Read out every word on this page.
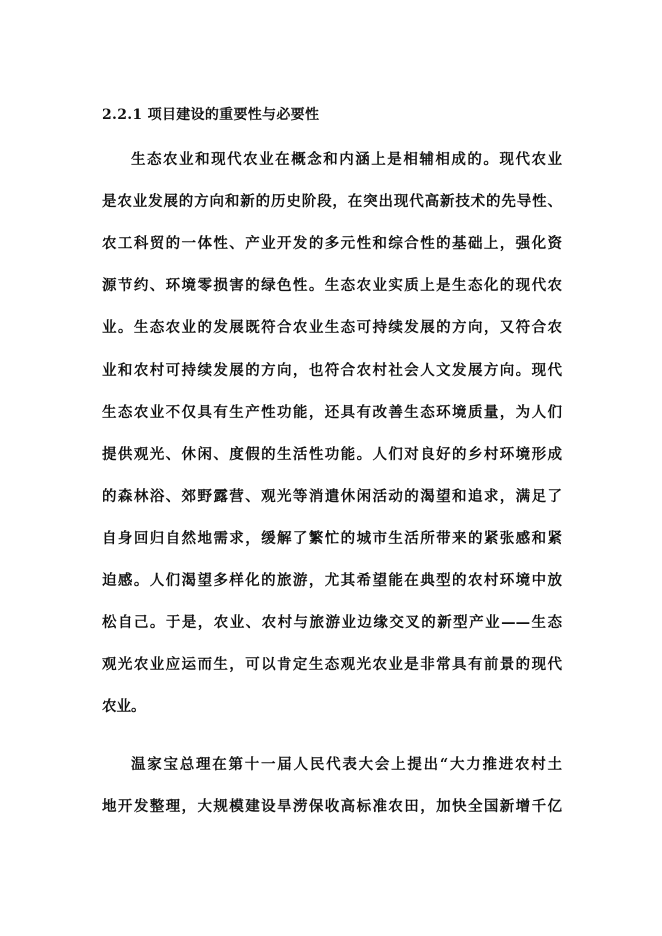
2.2.1 项目建设的重要性与必要性
生态农业和现代农业在概念和内涵上是相辅相成的。现代农业
是农业发展的方向和新的历史阶段，在突出现代高新技术的先导性、
农工科贸的一体性、产业开发的多元性和综合性的基础上，强化资
源节约、环境零损害的绿色性。生态农业实质上是生态化的现代农
业。生态农业的发展既符合农业生态可持续发展的方向，又符合农
业和农村可持续发展的方向，也符合农村社会人文发展方向。现代
生态农业不仅具有生产性功能，还具有改善生态环境质量，为人们
提供观光、休闲、度假的生活性功能。人们对良好的乡村环境形成
的森林浴、郊野露营、观光等消遣休闲活动的渴望和追求，满足了
自身回归自然地需求，缓解了繁忙的城市生活所带来的紧张感和紧
迫感。人们渴望多样化的旅游，尤其希望能在典型的农村环境中放
松自己。于是，农业、农村与旅游业边缘交叉的新型产业——生态
观光农业应运而生，可以肯定生态观光农业是非常具有前景的现代
农业。
温家宝总理在第十一届人民代表大会上提出“大力推进农村土
地开发整理，大规模建设旱涝保收高标准农田，加快全国新增千亿
